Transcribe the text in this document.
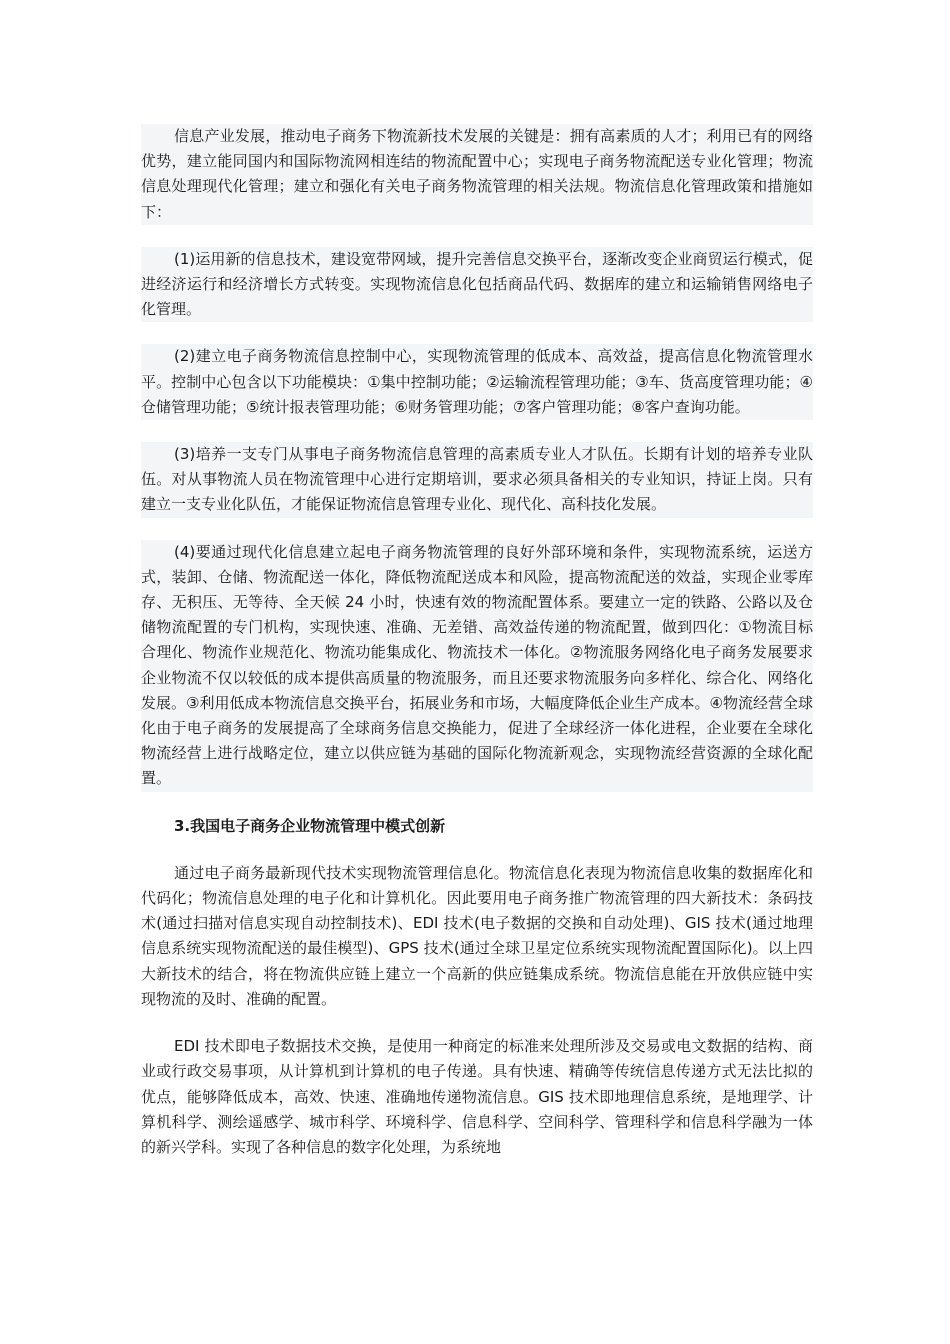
信息产业发展，推动电子商务下物流新技术发展的关键是：拥有高素质的人才；利用已有的网络优势，建立能同国内和国际物流网相连结的物流配置中心；实现电子商务物流配送专业化管理；物流信息处理现代化管理；建立和强化有关电子商务物流管理的相关法规。物流信息化管理政策和措施如下：

(1)运用新的信息技术，建设宽带网域，提升完善信息交换平台，逐渐改变企业商贸运行模式，促进经济运行和经济增长方式转变。实现物流信息化包括商品代码、数据库的建立和运输销售网络电子化管理。

(2)建立电子商务物流信息控制中心，实现物流管理的低成本、高效益，提高信息化物流管理水平。控制中心包含以下功能模块：①集中控制功能；②运输流程管理功能；③车、货高度管理功能；④仓储管理功能；⑤统计报表管理功能；⑥财务管理功能；⑦客户管理功能；⑧客户查询功能。

(3)培养一支专门从事电子商务物流信息管理的高素质专业人才队伍。长期有计划的培养专业队伍。对从事物流人员在物流管理中心进行定期培训，要求必须具备相关的专业知识，持证上岗。只有建立一支专业化队伍，才能保证物流信息管理专业化、现代化、高科技化发展。

(4)要通过现代化信息建立起电子商务物流管理的良好外部环境和条件，实现物流系统，运送方式，装卸、仓储、物流配送一体化，降低物流配送成本和风险，提高物流配送的效益，实现企业零库存、无积压、无等待、全天候 24 小时，快速有效的物流配置体系。要建立一定的铁路、公路以及仓储物流配置的专门机构，实现快速、准确、无差错、高效益传递的物流配置，做到四化：①物流目标合理化、物流作业规范化、物流功能集成化、物流技术一体化。②物流服务网络化电子商务发展要求企业物流不仅以较低的成本提供高质量的物流服务，而且还要求物流服务向多样化、综合化、网络化发展。③利用低成本物流信息交换平台，拓展业务和市场，大幅度降低企业生产成本。④物流经营全球化由于电子商务的发展提高了全球商务信息交换能力，促进了全球经济一体化进程，企业要在全球化物流经营上进行战略定位，建立以供应链为基础的国际化物流新观念，实现物流经营资源的全球化配置。

3.我国电子商务企业物流管理中模式创新

通过电子商务最新现代技术实现物流管理信息化。物流信息化表现为物流信息收集的数据库化和代码化；物流信息处理的电子化和计算机化。因此要用电子商务推广物流管理的四大新技术：条码技术(通过扫描对信息实现自动控制技术)、EDI 技术(电子数据的交换和自动处理)、GIS 技术(通过地理信息系统实现物流配送的最佳模型)、GPS 技术(通过全球卫星定位系统实现物流配置国际化)。以上四大新技术的结合，将在物流供应链上建立一个高新的供应链集成系统。物流信息能在开放供应链中实现物流的及时、准确的配置。

EDI 技术即电子数据技术交换，是使用一种商定的标准来处理所涉及交易或电文数据的结构、商业或行政交易事项，从计算机到计算机的电子传递。具有快速、精确等传统信息传递方式无法比拟的优点，能够降低成本，高效、快速、准确地传递物流信息。GIS 技术即地理信息系统，是地理学、计算机科学、测绘遥感学、城市科学、环境科学、信息科学、空间科学、管理科学和信息科学融为一体的新兴学科。实现了各种信息的数字化处理，为系统地
